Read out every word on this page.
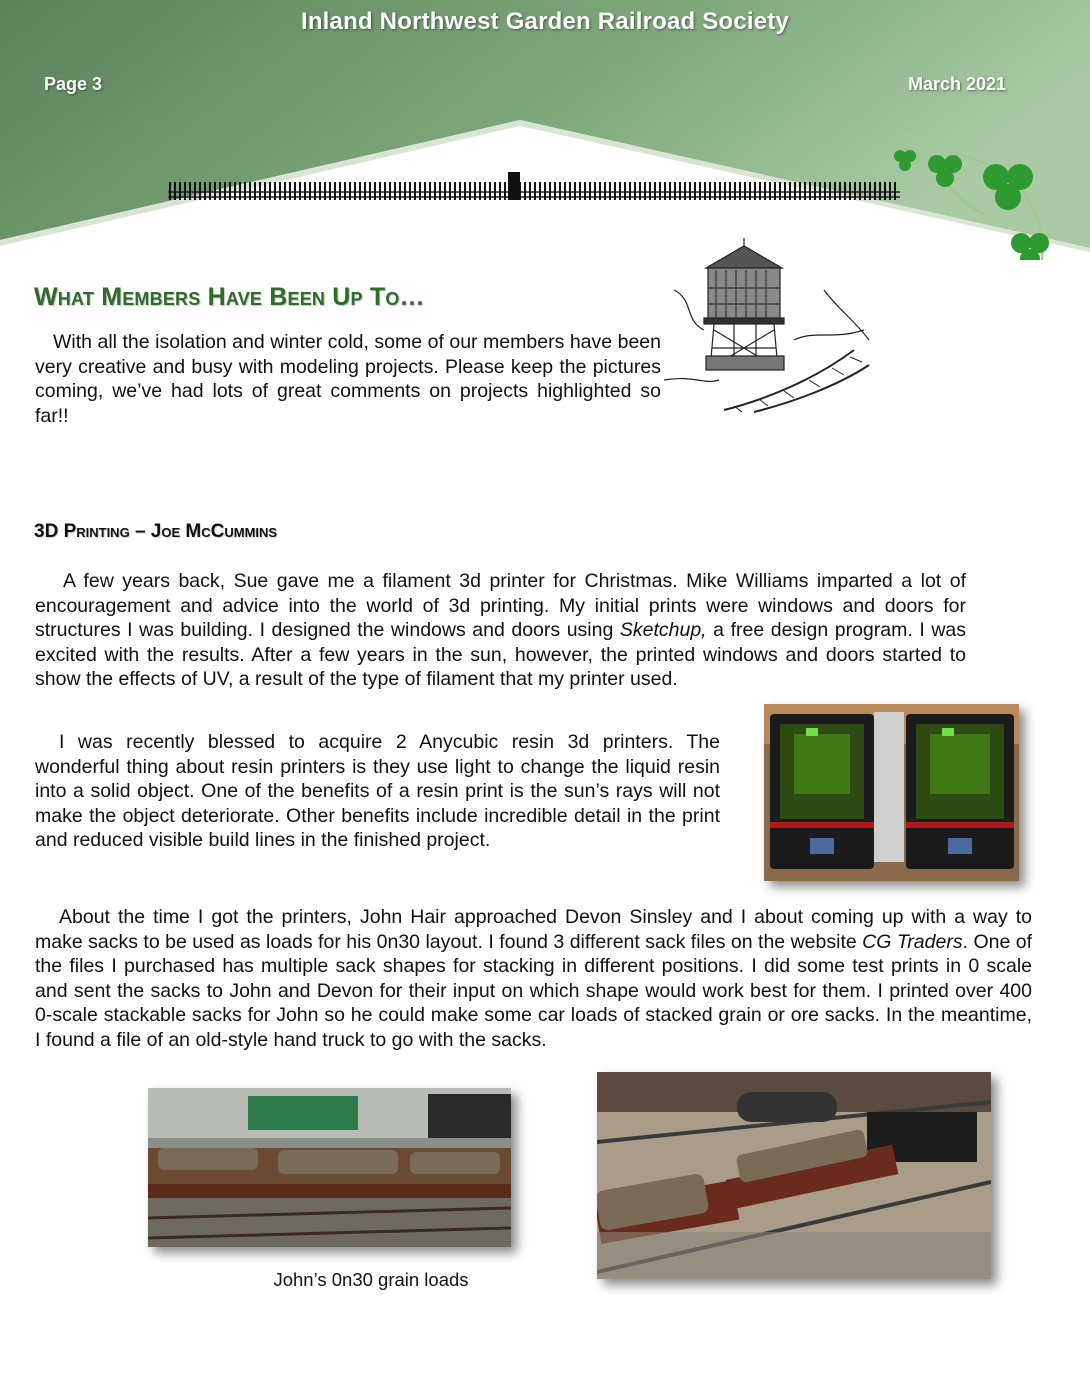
Inland Northwest Garden Railroad Society
Page 3	March 2021
What Members Have Been Up To…

With all the isolation and winter cold, some of our members have been very creative and busy with modeling projects. Please keep the pictures coming, we’ve had lots of great comments on projects highlighted so far!!

3D Printing – Joe McCummins

A few years back, Sue gave me a filament 3d printer for Christmas. Mike Williams imparted a lot of encouragement and advice into the world of 3d printing. My initial prints were windows and doors for structures I was building. I designed the windows and doors using Sketchup, a free design program. I was excited with the results. After a few years in the sun, however, the printed windows and doors started to show the effects of UV, a result of the type of filament that my printer used.

I was recently blessed to acquire 2 Anycubic resin 3d printers. The wonderful thing about resin printers is they use light to change the liquid resin into a solid object. One of the benefits of a resin print is the sun’s rays will not make the object deteriorate. Other benefits include incredible detail in the print and reduced visible build lines in the finished project.

About the time I got the printers, John Hair approached Devon Sinsley and I about coming up with a way to make sacks to be used as loads for his 0n30 layout. I found 3 different sack files on the website CG Traders. One of the files I purchased has multiple sack shapes for stacking in different positions. I did some test prints in 0 scale and sent the sacks to John and Devon for their input on which shape would work best for them. I printed over 400 0-scale stackable sacks for John so he could make some car loads of stacked grain or ore sacks. In the meantime, I found a file of an old-style hand truck to go with the sacks.

John’s 0n30 grain loads
